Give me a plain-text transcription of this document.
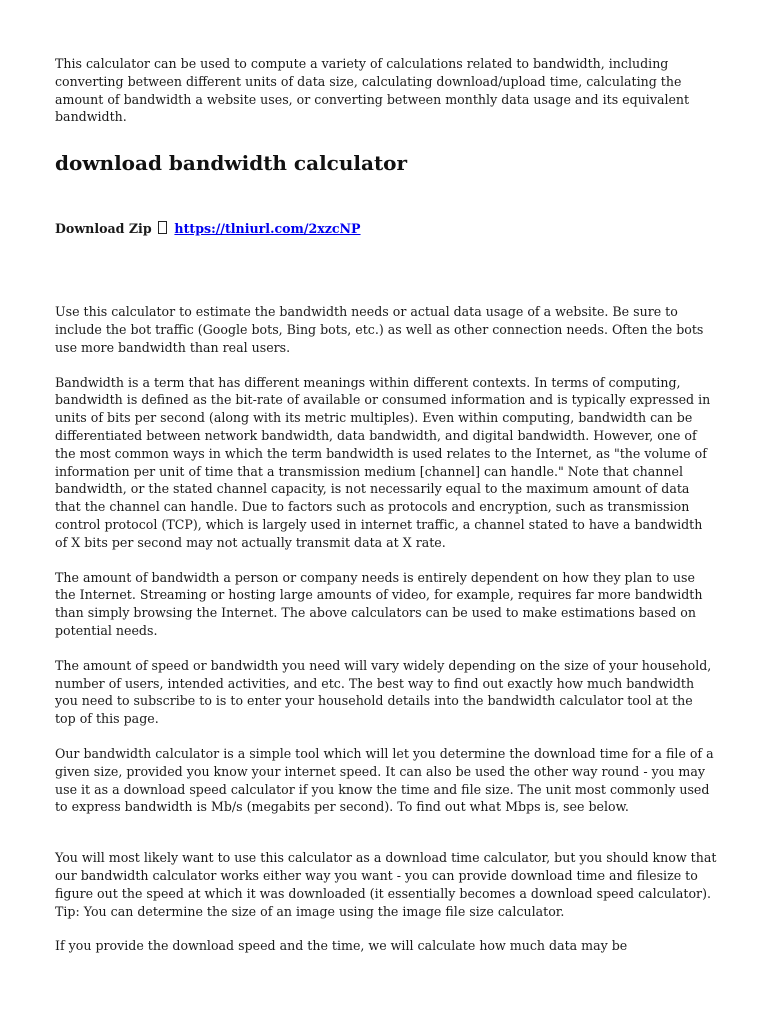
This calculator can be used to compute a variety of calculations related to bandwidth, including converting between different units of data size, calculating download/upload time, calculating the amount of bandwidth a website uses, or converting between monthly data usage and its equivalent bandwidth.

download bandwidth calculator
Download Zip https://tlniurl.com/2xzcNP

Use this calculator to estimate the bandwidth needs or actual data usage of a website. Be sure to include the bot traffic (Google bots, Bing bots, etc.) as well as other connection needs. Often the bots use more bandwidth than real users.

Bandwidth is a term that has different meanings within different contexts. In terms of computing, bandwidth is defined as the bit-rate of available or consumed information and is typically expressed in units of bits per second (along with its metric multiples). Even within computing, bandwidth can be differentiated between network bandwidth, data bandwidth, and digital bandwidth. However, one of the most common ways in which the term bandwidth is used relates to the Internet, as "the volume of information per unit of time that a transmission medium [channel] can handle." Note that channel bandwidth, or the stated channel capacity, is not necessarily equal to the maximum amount of data that the channel can handle. Due to factors such as protocols and encryption, such as transmission control protocol (TCP), which is largely used in internet traffic, a channel stated to have a bandwidth of X bits per second may not actually transmit data at X rate.

The amount of bandwidth a person or company needs is entirely dependent on how they plan to use the Internet. Streaming or hosting large amounts of video, for example, requires far more bandwidth than simply browsing the Internet. The above calculators can be used to make estimations based on potential needs.

The amount of speed or bandwidth you need will vary widely depending on the size of your household, number of users, intended activities, and etc. The best way to find out exactly how much bandwidth you need to subscribe to is to enter your household details into the bandwidth calculator tool at the top of this page.

Our bandwidth calculator is a simple tool which will let you determine the download time for a file of a given size, provided you know your internet speed. It can also be used the other way round - you may use it as a download speed calculator if you know the time and file size. The unit most commonly used to express bandwidth is Mb/s (megabits per second). To find out what Mbps is, see below.

You will most likely want to use this calculator as a download time calculator, but you should know that our bandwidth calculator works either way you want - you can provide download time and filesize to figure out the speed at which it was downloaded (it essentially becomes a download speed calculator). Tip: You can determine the size of an image using the image file size calculator.

If you provide the download speed and the time, we will calculate how much data may be
